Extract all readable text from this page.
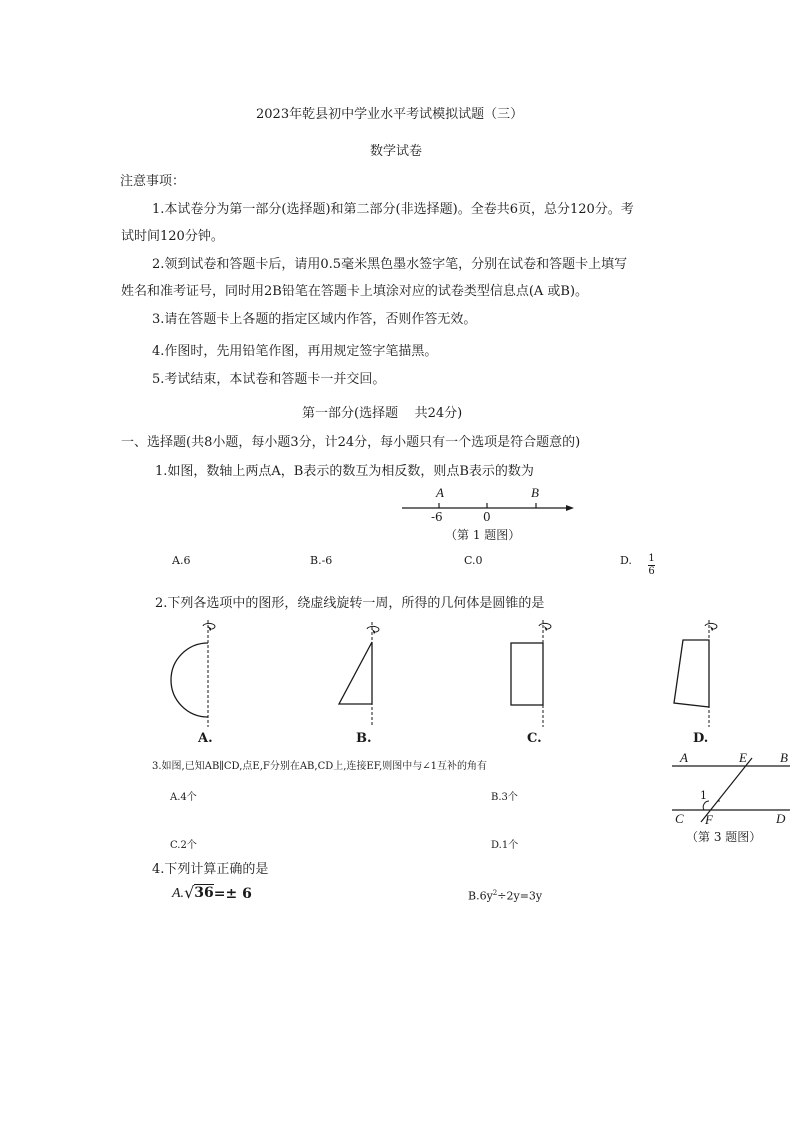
2023年乾县初中学业水平考试模拟试题（三）
数学试卷
注意事项：
1.本试卷分为第一部分(选择题)和第二部分(非选择题)。全卷共6页，总分120分。考
试时间120分钟。
2.领到试卷和答题卡后，请用0.5毫米黑色墨水签字笔，分别在试卷和答题卡上填写
姓名和准考证号，同时用2B铅笔在答题卡上填涂对应的试卷类型信息点(A 或B)。
3.请在答题卡上各题的指定区域内作答，否则作答无效。
4.作图时，先用铅笔作图，再用规定签字笔描黑。
5.考试结束，本试卷和答题卡一并交回。
第一部分(选择题    共24分)
一、选择题(共8小题，每小题3分，计24分，每小题只有一个选项是符合题意的)
1.如图，数轴上两点A，B表示的数互为相反数，则点B表示的数为
A	B
-6	0
（第 1 题图）
A.6	B.-6	C.0	D. $\frac{1}{6}$
2.下列各选项中的图形，绕虚线旋转一周，所得的几何体是圆锥的是
A.	B.	C.	D.
3.如图,已知AB∥CD,点E,F分别在AB,CD上,连接EF,则图中与∠1互补的角有
A.4个	B.3个
C.2个	D.1个
A	E	B
1
C F	D
（第 3 题图）
4.下列计算正确的是
A. √ 36 =± 6	$B.6y^2\div 2y=3y$
